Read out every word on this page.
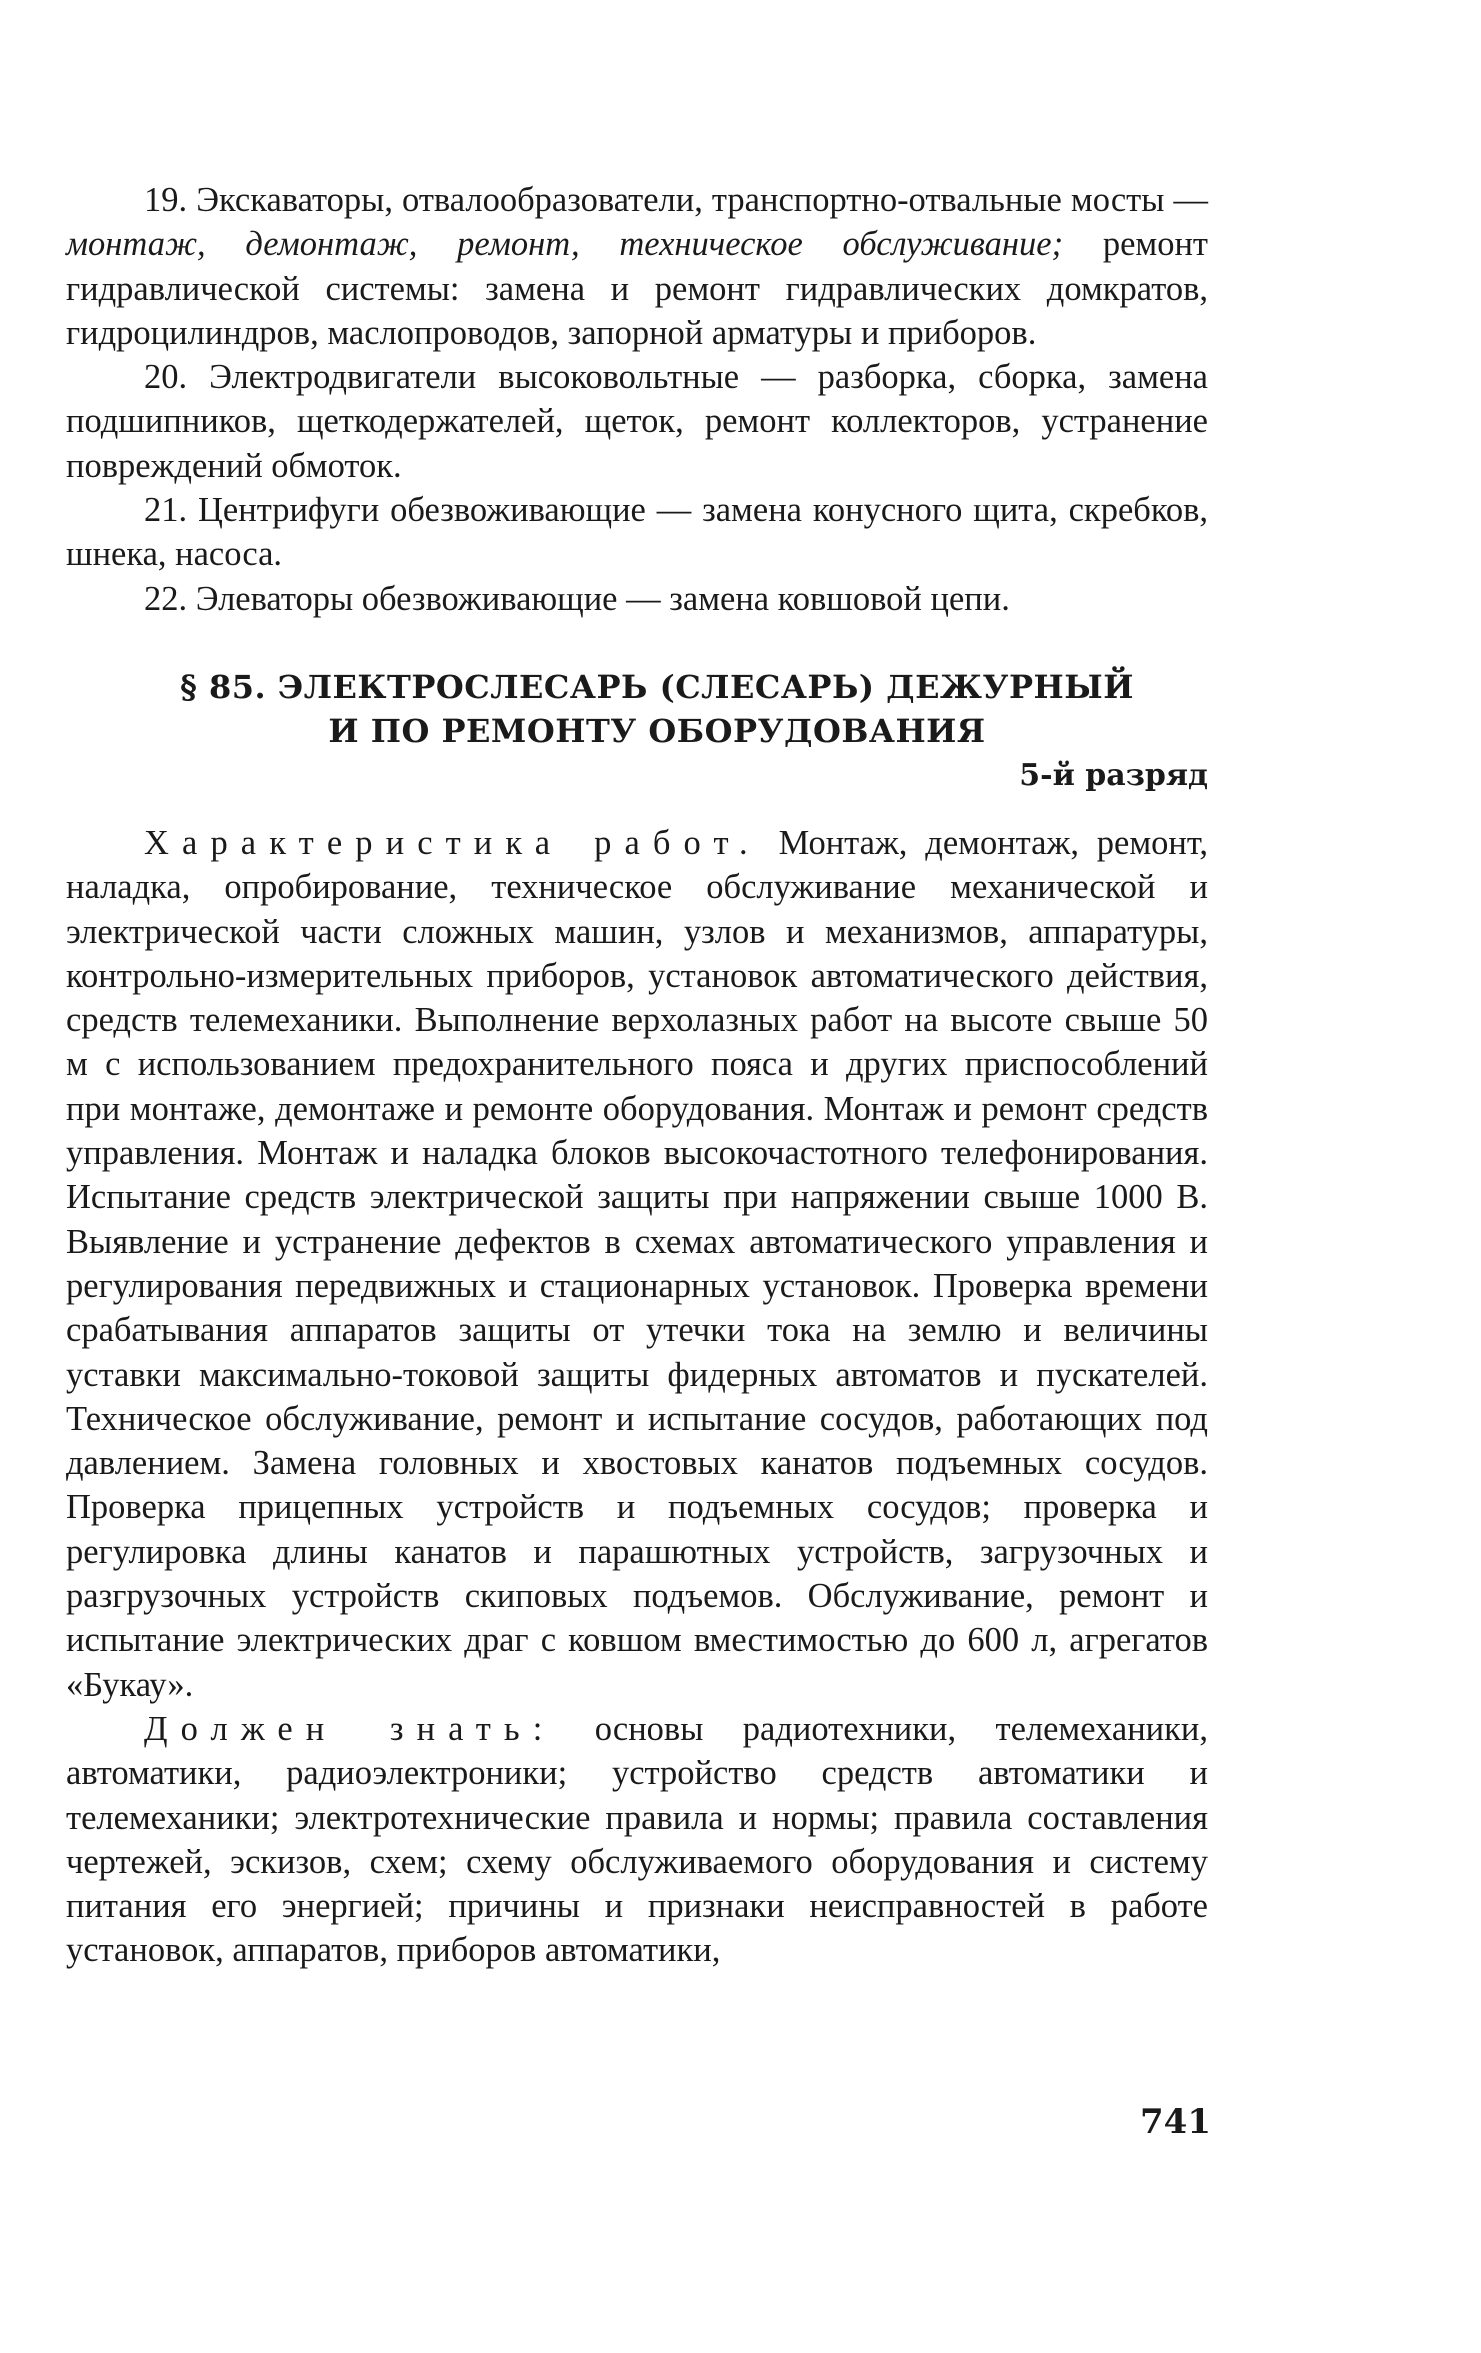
19. Экскаваторы, отвалообразователи, транспортно-отвальные мосты — монтаж, демонтаж, ремонт, техническое обслуживание; ремонт гидравлической системы: замена и ремонт гидравлических домкратов, гидроцилиндров, маслопроводов, запорной арматуры и приборов.

20. Электродвигатели высоковольтные — разборка, сборка, замена подшипников, щеткодержателей, щеток, ремонт коллекторов, устранение повреждений обмоток.

21. Центрифуги обезвоживающие — замена конусного щита, скребков, шнека, насоса.

22. Элеваторы обезвоживающие — замена ковшовой цепи.

§ 85. ЭЛЕКТРОСЛЕСАРЬ (СЛЕСАРЬ) ДЕЖУРНЫЙ
И ПО РЕМОНТУ ОБОРУДОВАНИЯ
5-й разряд

Характеристика работ. Монтаж, демонтаж, ремонт, наладка, опробирование, техническое обслуживание механической и электрической части сложных машин, узлов и механизмов, аппаратуры, контрольно-измерительных приборов, установок автоматического действия, средств телемеханики. Выполнение верхолазных работ на высоте свыше 50 м с использованием предохранительного пояса и других приспособлений при монтаже, демонтаже и ремонте оборудования. Монтаж и ремонт средств управления. Монтаж и наладка блоков высокочастотного телефонирования. Испытание средств электрической защиты при напряжении свыше 1000 В. Выявление и устранение дефектов в схемах автоматического управления и регулирования передвижных и стационарных установок. Проверка времени срабатывания аппаратов защиты от утечки тока на землю и величины уставки максимально-токовой защиты фидерных автоматов и пускателей. Техническое обслуживание, ремонт и испытание сосудов, работающих под давлением. Замена головных и хвостовых канатов подъемных сосудов. Проверка прицепных устройств и подъемных сосудов; проверка и регулировка длины канатов и парашютных устройств, загрузочных и разгрузочных устройств скиповых подъемов. Обслуживание, ремонт и испытание электрических драг с ковшом вместимостью до 600 л, агрегатов «Букау».

Должен знать: основы радиотехники, телемеханики, автоматики, радиоэлектроники; устройство средств автоматики и телемеханики; электротехнические правила и нормы; правила составления чертежей, эскизов, схем; схему обслуживаемого оборудования и систему питания его энергией; причины и признаки неисправностей в работе установок, аппаратов, приборов автоматики,

741
